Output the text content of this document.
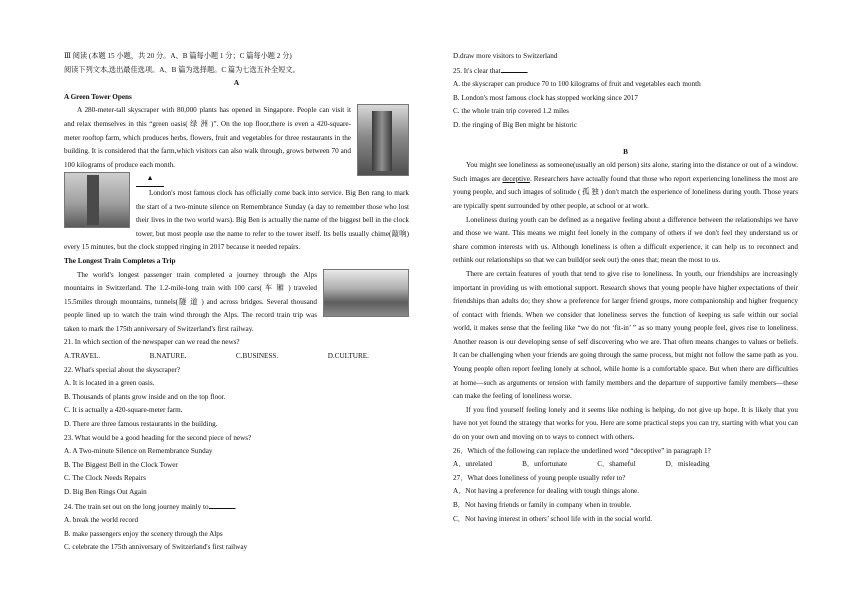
Ⅲ 阅读 (本题 15 小题，共 20 分。A、B 篇每小题 1 分；C 篇每小题 2 分)

阅读下列文本,选出最佳选项。A、B 篇为选择题。C 篇为七选五补全短文。

A

A Green Tower Opens

A 280-meter-tall skyscraper with 80,000 plants has opened in Singapore. People can visit it and relax themselves in this “green oasis( 绿 洲 )”. On the top floor,there is even a 420-square-meter rooftop farm, which produces herbs, flowers, fruit and vegetables for three restaurants in the building. It is considered that the farm,which visitors can also walk through, grows between 70 and 100 kilograms of produce each month.

▲
London's most famous clock has officially come back into service. Big Ben rang to mark the start of a two-minute silence on Remembrance Sunday (a day to remember those who lost their lives in the two world wars). Big Ben is actually the name of the biggest bell in the clock tower, but most people use the name to refer to the tower itself. Its bells usually chime(敲响) every 15 minutes, but the clock stopped ringing in 2017 because it needed repairs.

The Longest Train Completes a Trip

The world's longest passenger train completed a journey through the Alps mountains in Switzerland. The 1.2-mile-long train with 100 cars( 车 厢 ) traveled 15.5miles through mountains, tunnels(隧 道 ) and across bridges. Several thousand people lined up to watch the train wind through the Alps. The record train trip was taken to mark the 175th anniversary of Switzerland's first railway.

21. In which section of the newspaper can we read the news?

A.TRAVEL.	B.NATURE.	C.BUSINESS.	D.CULTURE.

22. What's special about the skyscraper?

A. It is located in a green oasis.

B. Thousands of plants grow inside and on the top floor.

C. It is actually a 420-square-meter farm.

D. There are three famous restaurants in the building.

23. What would be a good heading for the second piece of news?

A. A Two-minute Silence on Remembrance Sunday

B. The Biggest Bell in the Clock Tower

C. The Clock Needs Repairs

D. Big Ben Rings Out Again

24. The train set out on the long journey mainly to	.

A. break the world record

B. make passengers enjoy the scenery through the Alps

C. celebrate the 175th anniversary of Switzerland's first railway

D.draw more visitors to Switzerland

25. It's clear that	.

A. the skyscraper can produce 70 to 100 kilograms of fruit and vegetables each month

B. London's most famous clock has stopped working since 2017

C. the whole train trip covered 1.2 miles

D. the ringing of Big Ben might be historic

B

You might see loneliness as someone(usually an old person) sits alone, staring into the distance or out of a window. Such images are deceptive. Researchers have actually found that those who report experiencing loneliness the most are young people, and such images of solitude ( 孤 独 ) don't match the experience of loneliness during youth. Those years are typically spent surrounded by other people, at school or at work.

Loneliness during youth can be defined as a negative feeling about a difference between the relationships we have and those we want. This means we might feel lonely in the company of others if we don't feel they understand us or share common interests with us. Although loneliness is often a difficult experience, it can help us to reconnect and rethink our relationships so that we can build(or seek out) the ones that; mean the most to us.

There are certain features of youth that tend to give rise to loneliness. In youth, our friendships are increasingly important in providing us with emotional support. Research shows that young people have higher expectations of their friendships than adults do; they show a preference for larger friend groups, more companionship and higher frequency of contact with friends. When we consider that loneliness serves the function of keeping us safe within our social world, it makes sense that the feeling like “we do not ‘fit-in’ ” as so many young people feel, gives rise to loneliness. Another reason is our developing sense of self discovering who we are. That often means changes to values or beliefs. It can be challenging when your friends are going through the same process, but might not follow the same path as you. Young people often report feeling lonely at school, while home is a comfortable space. But when there are difficulties at home—such as arguments or tension with family members and the departure of supportive family members—these can make the feeling of loneliness worse.

If you find yourself feeling lonely and it seems like nothing is helping, do not give up hope. It is likely that you have not yet found the strategy that works for you. Here are some practical steps you can try, starting with what you can do on your own and moving on to ways to connect with others.

26．Which of the following can replace the underlined word “deceptive” in paragraph 1?

A．unrelated	B．unfortunate	C．shameful	D．misleading

27．What does loneliness of young people usually refer to?

A．Not having a preference for dealing with tough things alone.

B．Not having friends or family in company when in trouble.

C．Not having interest in others’ school life with in the social world.
